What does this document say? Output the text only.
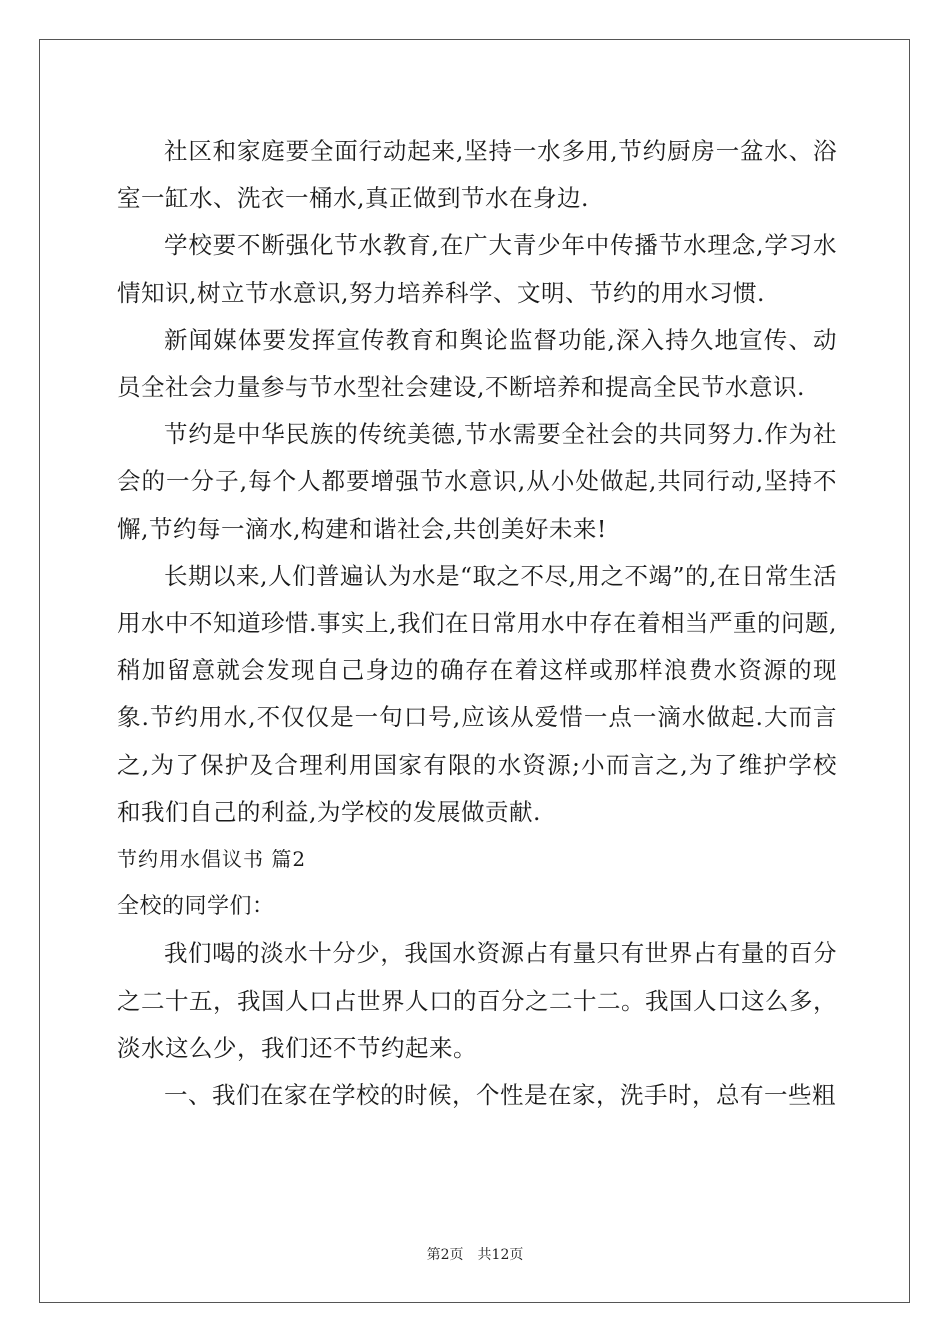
社区和家庭要全面行动起来,坚持一水多用,节约厨房一盆水、浴室一缸水、洗衣一桶水,真正做到节水在身边.

学校要不断强化节水教育,在广大青少年中传播节水理念,学习水情知识,树立节水意识,努力培养科学、文明、节约的用水习惯.

新闻媒体要发挥宣传教育和舆论监督功能,深入持久地宣传、动员全社会力量参与节水型社会建设,不断培养和提高全民节水意识.

节约是中华民族的传统美德,节水需要全社会的共同努力.作为社会的一分子,每个人都要增强节水意识,从小处做起,共同行动,坚持不懈,节约每一滴水,构建和谐社会,共创美好未来!

长期以来,人们普遍认为水是“取之不尽,用之不竭”的,在日常生活用水中不知道珍惜.事实上,我们在日常用水中存在着相当严重的问题,稍加留意就会发现自己身边的确存在着这样或那样浪费水资源的现象.节约用水,不仅仅是一句口号,应该从爱惜一点一滴水做起.大而言之,为了保护及合理利用国家有限的水资源;小而言之,为了维护学校和我们自己的利益,为学校的发展做贡献.

节约用水倡议书 篇2

全校的同学们：

我们喝的淡水十分少，我国水资源占有量只有世界占有量的百分之二十五，我国人口占世界人口的百分之二十二。我国人口这么多，淡水这么少，我们还不节约起来。

一、我们在家在学校的时候，个性是在家，洗手时，总有一些粗

第2页 共12页
